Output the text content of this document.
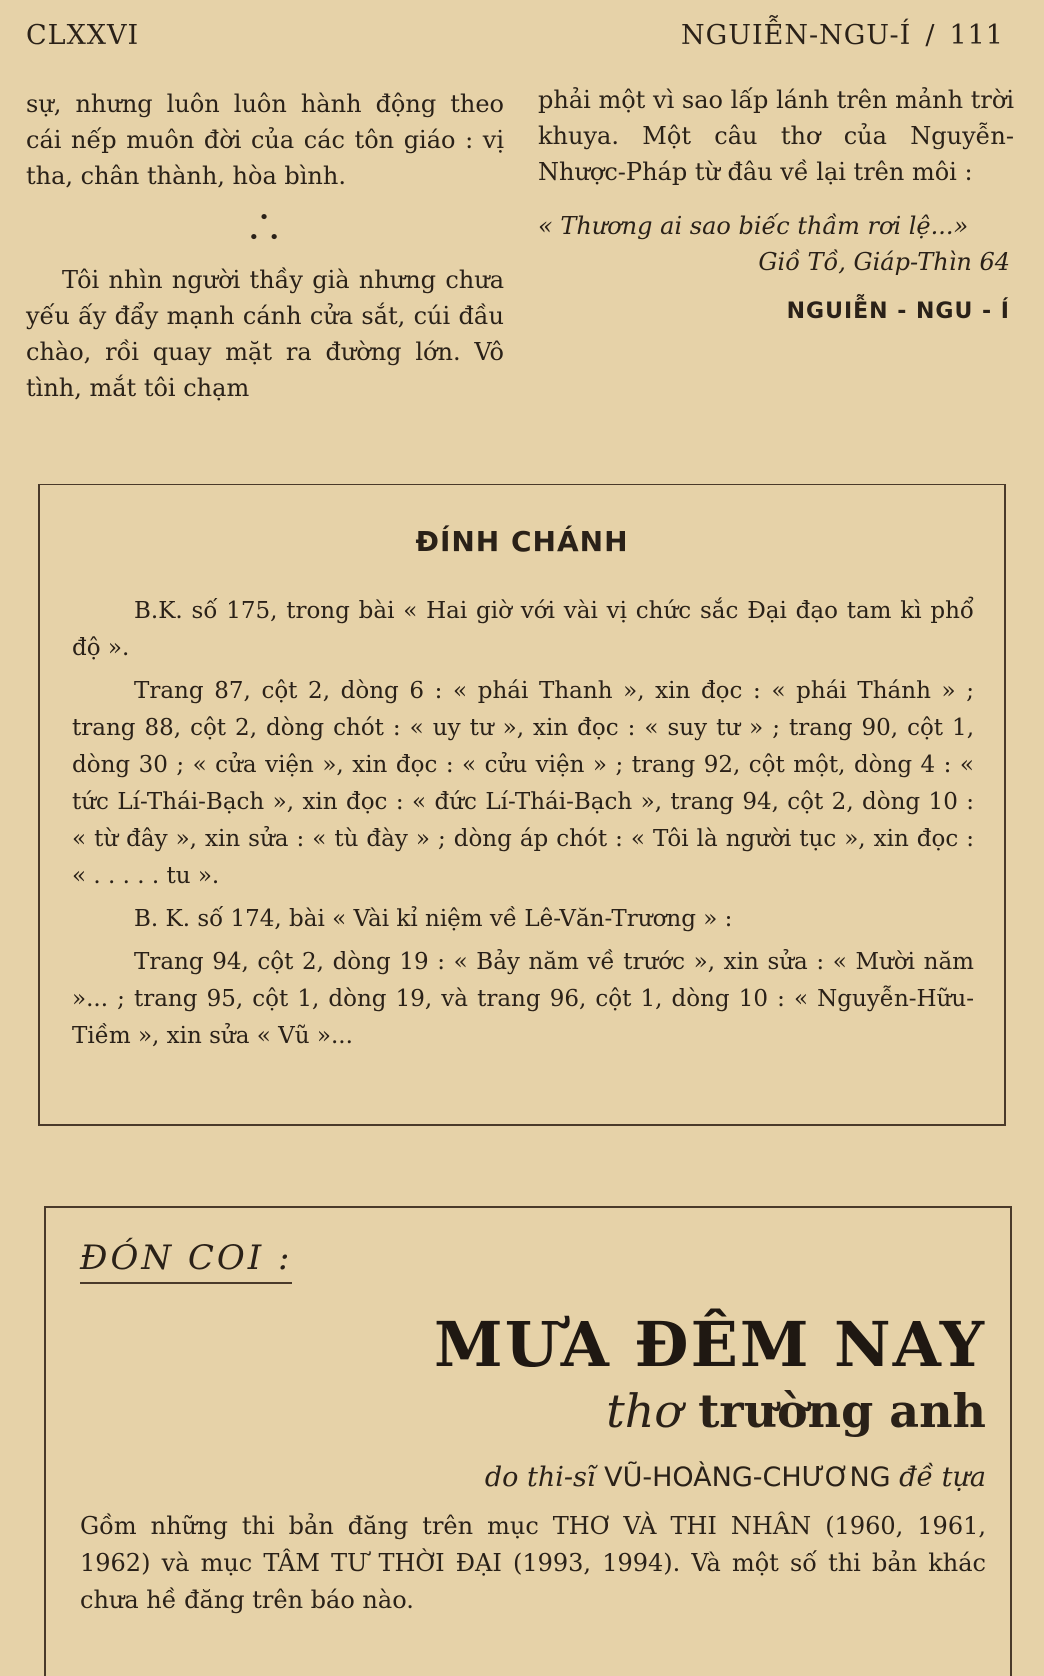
CLXXVI	NGUIỄN-NGU-Í / 111

sự, nhưng luôn luôn hành động theo cái nếp muôn đời của các tôn giáo : vị tha, chân thành, hòa bình.

•
• •

Tôi nhìn người thầy già nhưng chưa yếu ấy đẩy mạnh cánh cửa sắt, cúi đầu chào, rồi quay mặt ra đường lớn. Vô tình, mắt tôi chạm

phải một vì sao lấp lánh trên mảnh trời khuya. Một câu thơ của Nguyễn-Nhược-Pháp từ đâu về lại trên môi :

« Thương ai sao biếc thầm rơi lệ...»
Giồ Tồ, Giáp-Thìn 64
NGUIỄN - NGU - Í
ĐÍNH CHÁNH

B.K. số 175, trong bài « Hai giờ với vài vị chức sắc Đại đạo tam kì phổ độ ».

Trang 87, cột 2, dòng 6 : « phái Thanh », xin đọc : « phái Thánh » ; trang 88, cột 2, dòng chót : « uy tư », xin đọc : « suy tư » ; trang 90, cột 1, dòng 30 ; « cửa viện », xin đọc : « cửu viện » ; trang 92, cột một, dòng 4 : « tức Lí-Thái-Bạch », xin đọc : « đức Lí-Thái-Bạch », trang 94, cột 2, dòng 10 : « từ đây », xin sửa : « tù đày » ; dòng áp chót : « Tôi là người tục », xin đọc : « . . . . . tu ».

B. K. số 174, bài « Vài kỉ niệm về Lê-Văn-Trương » :

Trang 94, cột 2, dòng 19 : « Bảy năm về trước », xin sửa : « Mười năm »... ; trang 95, cột 1, dòng 19, và trang 96, cột 1, dòng 10 : « Nguyễn-Hữu-Tiềm », xin sửa « Vũ »...

ĐÓN COI :
MƯA ĐÊM NAY
thơ trường anh
do thi-sĩ VŨ-HOÀNG-CHƯƠNG đề tựa
Gồm những thi bản đăng trên mục THƠ VÀ THI NHÂN (1960, 1961, 1962) và mục TÂM TƯ THỜI ĐẠI (1993, 1994). Và một số thi bản khác chưa hề đăng trên báo nào.
